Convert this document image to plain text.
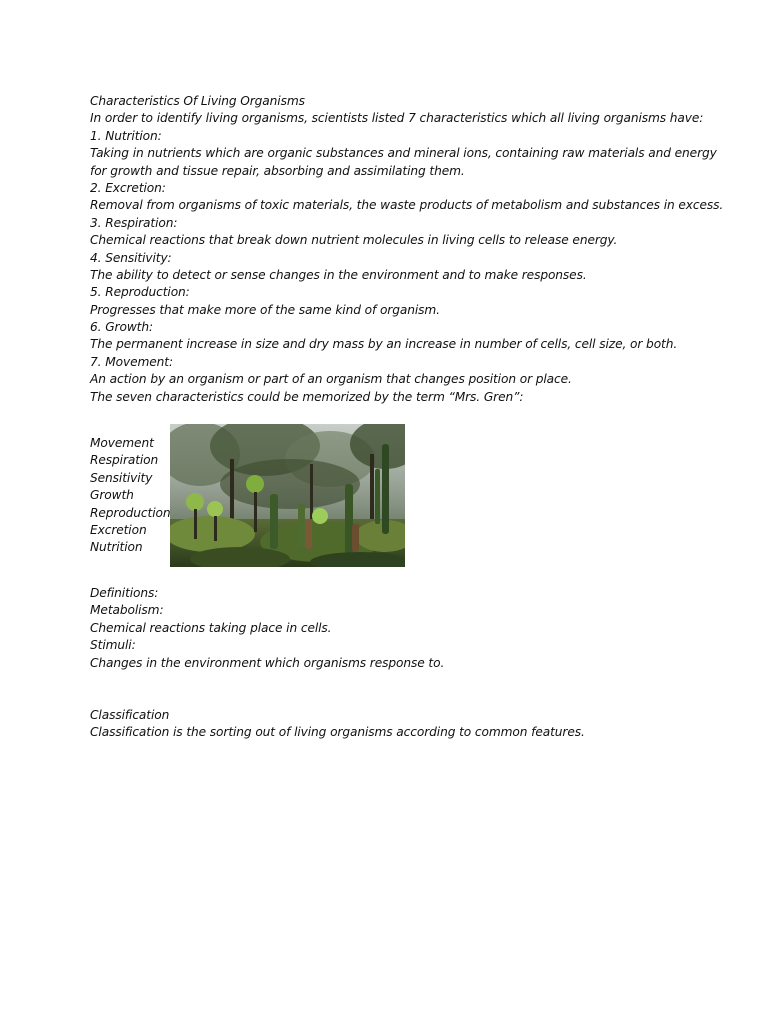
Characteristics Of Living Organisms
In order to identify living organisms, scientists listed 7 characteristics which all living organisms have:
1. Nutrition:
Taking in nutrients which are organic substances and mineral ions, containing raw materials and energy
for growth and tissue repair, absorbing and assimilating them.
2. Excretion:
Removal from organisms of toxic materials, the waste products of metabolism and substances in excess.
3. Respiration:
Chemical reactions that break down nutrient molecules in living cells to release energy.
4. Sensitivity:
The ability to detect or sense changes in the environment and to make responses.
5. Reproduction:
Progresses that make more of the same kind of organism.
6. Growth:
The permanent increase in size and dry mass by an increase in number of cells, cell size, or both.
7. Movement:
An action by an organism or part of an organism that changes position or place.
The seven characteristics could be memorized by the term “Mrs. Gren”:
Movement
Respiration
Sensitivity
Growth
Reproduction
Excretion
Nutrition
Definitions:
Metabolism:
Chemical reactions taking place in cells.
Stimuli:
Changes in the environment which organisms response to.
Classification
Classification is the sorting out of living organisms according to common features.
